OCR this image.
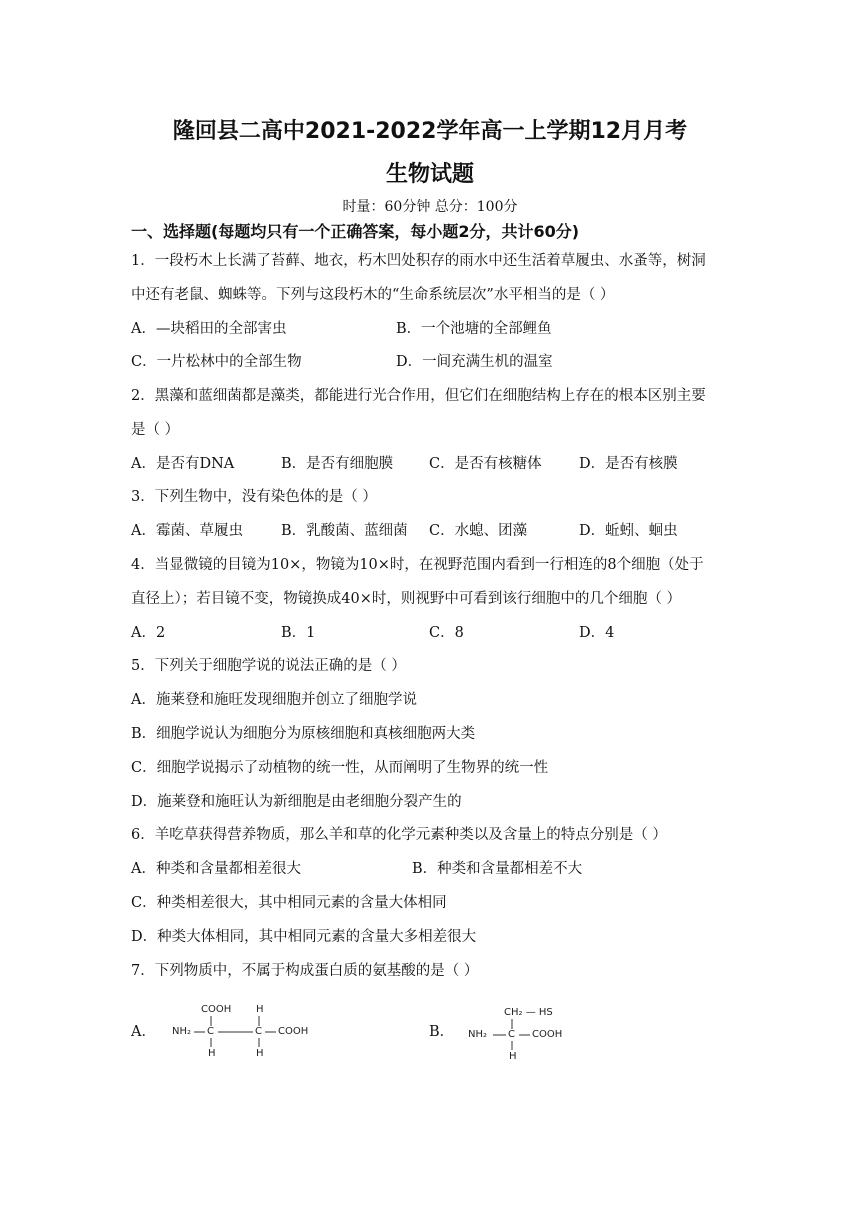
隆回县二高中2021-2022学年高一上学期12月月考
生物试题
时量：60分钟 总分：100分
一、选择题(每题均只有一个正确答案，每小题2分，共计60分)
1．一段朽木上长满了苔藓、地衣，朽木凹处积存的雨水中还生活着草履虫、水蚤等，树洞
中还有老鼠、蜘蛛等。下列与这段朽木的“生命系统层次”水平相当的是（ ）
A．—块稻田的全部害虫	B．一个池塘的全部鲤鱼
C．一片松林中的全部生物	D．一间充满生机的温室
2．黑藻和蓝细菌都是藻类，都能进行光合作用，但它们在细胞结构上存在的根本区别主要
是（ ）
A．是否有DNA	B．是否有细胞膜 C．是否有核糖体	D．是否有核膜
3．下列生物中，没有染色体的是（ ）
A．霉菌、草履虫	B．乳酸菌、蓝细菌 C．水螅、团藻	D．蚯蚓、蛔虫
4．当显微镜的目镜为10×，物镜为10×时，在视野范围内看到一行相连的8个细胞（处于
直径上）；若目镜不变，物镜换成40×时，则视野中可看到该行细胞中的几个细胞（ ）
A．2	B．1	C．8	D．4
5．下列关于细胞学说的说法正确的是（ ）
A．施莱登和施旺发现细胞并创立了细胞学说
B．细胞学说认为细胞分为原核细胞和真核细胞两大类
C．细胞学说揭示了动植物的统一性，从而阐明了生物界的统一性
D．施莱登和施旺认为新细胞是由老细胞分裂产生的
6．羊吃草获得营养物质，那么羊和草的化学元素种类以及含量上的特点分别是（ ）
A．种类和含量都相差很大	B．种类和含量都相差不大
C．种类相差很大，其中相同元素的含量大体相同
D．种类大体相同，其中相同元素的含量大多相差很大
7．下列物质中，不属于构成蛋白质的氨基酸的是（ ）
A．	B．
COOH H
NH₂ C	C COOH
H	H
CH₂ — HS
NH₂ C COOH
H
